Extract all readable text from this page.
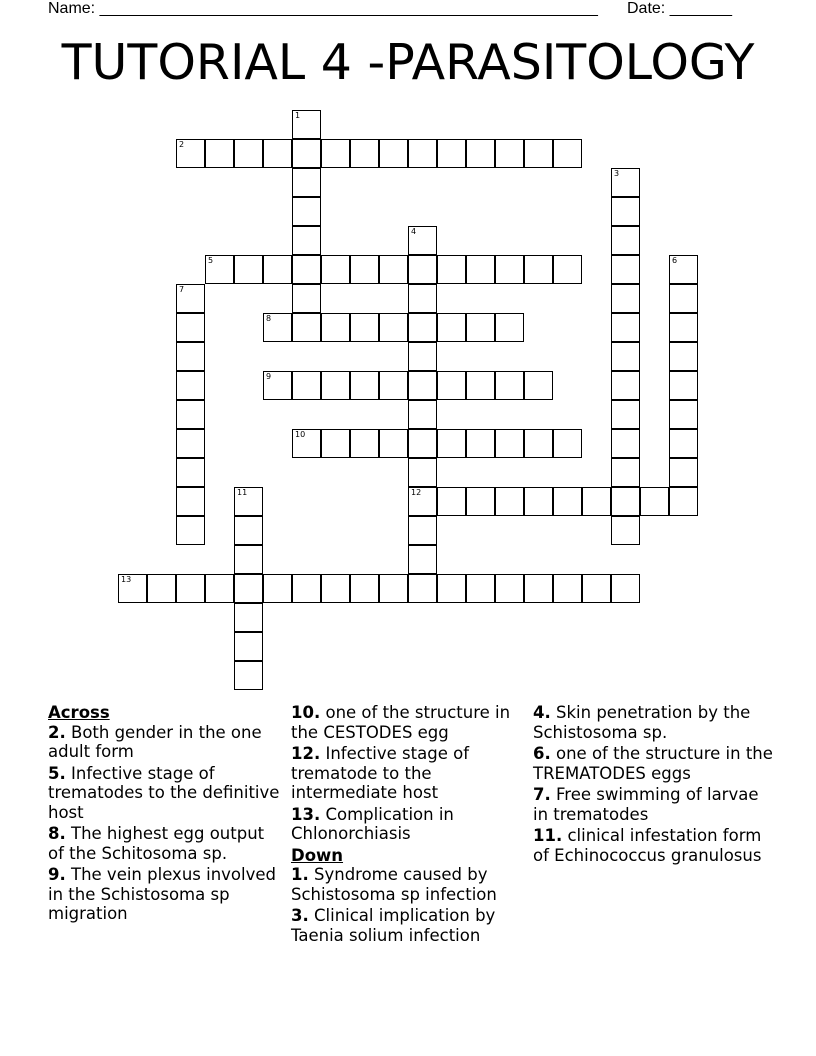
Name: ________________________________________________________ Date: _______
TUTORIAL 4 -PARASITOLOGY
1
2
3
4
12
5	6
7
8
9
10
11
13
Across
2. Both gender in the one adult form
5. Infective stage of trematodes to the definitive host
8. The highest egg output of the Schitosoma sp.
9. The vein plexus involved in the Schistosoma sp migration
10. one of the structure in the CESTODES egg
12. Infective stage of trematode to the intermediate host
13. Complication in Chlonorchiasis
Down
1. Syndrome caused by Schistosoma sp infection
3. Clinical implication by Taenia solium infection
4. Skin penetration by the Schistosoma sp.
6. one of the structure in the TREMATODES eggs
7. Free swimming of larvae in trematodes
11. clinical infestation form of Echinococcus granulosus
